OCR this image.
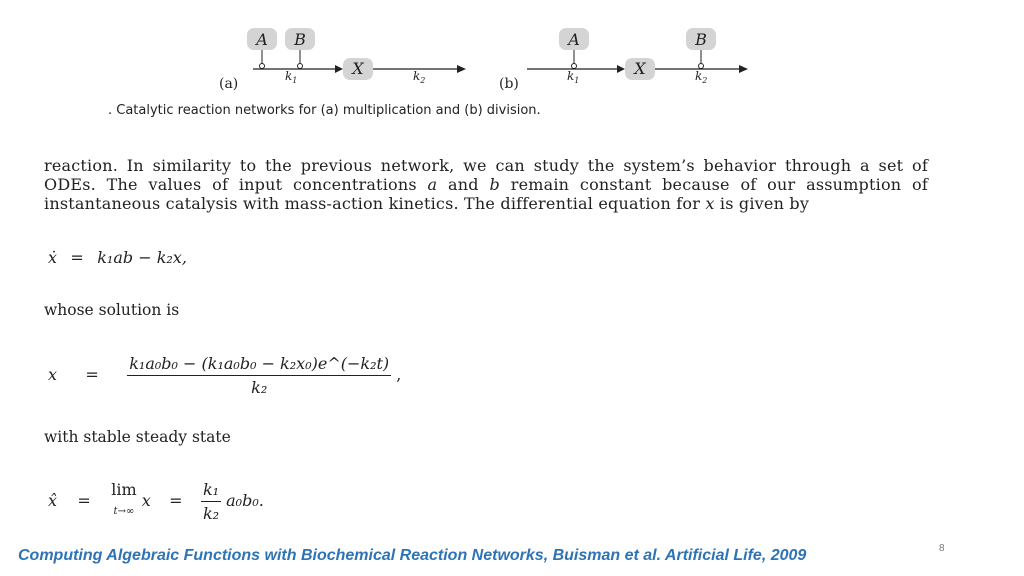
A B
X
$k_1$	$k_2$
(a)
A
X
B
$k_1$	$k_2$
(b)
. Catalytic reaction networks for (a) multiplication and (b) division.
reaction. In similarity to the previous network, we can study the system’s behavior through a set of ODEs. The values of input concentrations a and b remain constant because of our assumption of instantaneous catalysis with mass-action kinetics. The differential equation for x is given by
ẋ = k₁ab − k₂x,
whose solution is
$x = \frac{\text{k₁a₀b₀ − (k₁a₀b₀ − k₂x₀)e\textasciicircum{}(−k₂t)}}{\text{k₂}}$ ,
with stable steady state
x̂ = lim
t→∞ $x = \frac{\text{k₁}}{\text{k₂}} a_0b_0$.
Computing Algebraic Functions with Biochemical Reaction Networks, Buisman et al. Artificial Life, 2009	8
